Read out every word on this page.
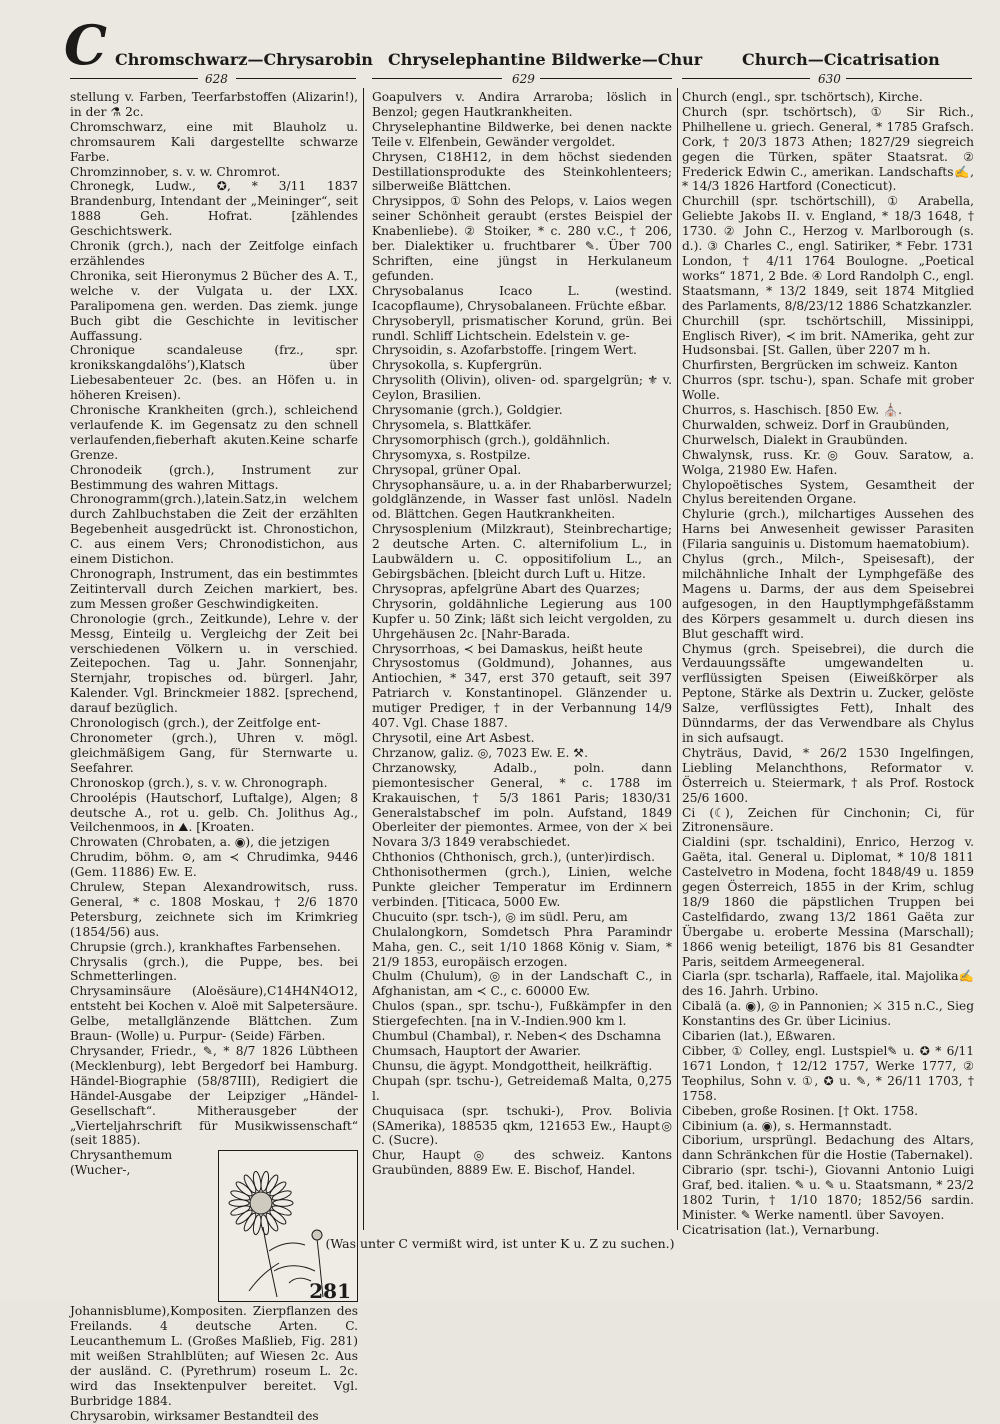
C Chromschwarz—Chrysarobin Chryselephantine Bildwerke—Chur Church—Cicatrisation
628	629	630

stellung v. Farben, Teerfarbstoffen (Alizarin!), in der ⚗ 2c.

Chromschwarz, eine mit Blauholz u. chromsaurem Kali dargestellte schwarze Farbe.

Chromzinnober, s. v. w. Chromrot.

Chronegk, Ludw., ✪, * 3/11 1837 Brandenburg, Intendant der „Meininger“, seit 1888 Geh. Hofrat. [zählendes Geschichtswerk.

Chronik (grch.), nach der Zeitfolge einfach erzählendes

Chronika, seit Hieronymus 2 Bücher des A. T., welche v. der Vulgata u. der LXX. Paralipomena gen. werden. Das ziemk. junge Buch gibt die Geschichte in levitischer Auffassung.

Chronique scandaleuse (frz., spr. kronikskangdalöhs’),Klatsch über Liebesabenteuer 2c. (bes. an Höfen u. in höheren Kreisen).

Chronische Krankheiten (grch.), schleichend verlaufende K. im Gegensatz zu den schnell verlaufenden,fieberhaft akuten.Keine scharfe Grenze.

Chronodeik (grch.), Instrument zur Bestimmung des wahren Mittags.

Chronogramm(grch.),latein.Satz,in welchem durch Zahlbuchstaben die Zeit der erzählten Begebenheit ausgedrückt ist. Chronostichon, C. aus einem Vers; Chronodistichon, aus einem Distichon.

Chronograph, Instrument, das ein bestimmtes Zeitintervall durch Zeichen markiert, bes. zum Messen großer Geschwindigkeiten.

Chronologie (grch., Zeitkunde), Lehre v. der Messg, Einteilg u. Vergleichg der Zeit bei verschiedenen Völkern u. in verschied. Zeitepochen. Tag u. Jahr. Sonnenjahr, Sternjahr, tropisches od. bürgerl. Jahr, Kalender. Vgl. Brinckmeier 1882. [sprechend, darauf bezüglich.

Chronologisch (grch.), der Zeitfolge ent-

Chronometer (grch.), Uhren v. mögl. gleichmäßigem Gang, für Sternwarte u. Seefahrer.

Chronoskop (grch.), s. v. w. Chronograph.

Chroolépis (Hautschorf, Luftalge), Algen; 8 deutsche A., rot u. gelb. Ch. Jolithus Ag., Veilchenmoos, in ⛰. [Kroaten.

Chrowaten (Chrobaten, a. ◉), die jetzigen

Chrudim, böhm. ⊙, am ≺ Chrudimka, 9446 (Gem. 11886) Ew. E.

Chrulew, Stepan Alexandrowitsch, russ. General, * c. 1808 Moskau, † 2/6 1870 Petersburg, zeichnete sich im Krimkrieg (1854/56) aus.

Chrupsie (grch.), krankhaftes Farbensehen.

Chrysalis (grch.), die Puppe, bes. bei Schmetterlingen.

Chrysaminsäure (Aloësäure),C14H4N4O12, entsteht bei Kochen v. Aloë mit Salpetersäure. Gelbe, metallglänzende Blättchen. Zum Braun- (Wolle) u. Purpur- (Seide) Färben.

Chrysander, Friedr., ✎, * 8/7 1826 Lübtheen (Mecklenburg), lebt Bergedorf bei Hamburg. Händel-Biographie (58/87III), Redigiert die Händel-Ausgabe der Leipziger „Händel-Gesellschaft“. Mitherausgeber der „Vierteljahrschrift für Musikwissenschaft“ (seit 1885).

281

Chrysanthemum (Wucher-, Johannisblume),Kompositen. Zierpflanzen des Freilands. 4 deutsche Arten. C. Leucanthemum L. (Großes Maßlieb, Fig. 281) mit weißen Strahlblüten; auf Wiesen 2c. Aus der ausländ. C. (Pyrethrum) roseum L. 2c. wird das Insektenpulver bereitet. Vgl. Burbridge 1884.

Chrysarobin, wirksamer Bestandteil des

Goapulvers v. Andira Arraroba; löslich in Benzol; gegen Hautkrankheiten.

Chryselephantine Bildwerke, bei denen nackte Teile v. Elfenbein, Gewänder vergoldet.

Chrysen, C18H12, in dem höchst siedenden Destillationsprodukte des Steinkohlenteers; silberweiße Blättchen.

Chrysippos, ① Sohn des Pelops, v. Laios wegen seiner Schönheit geraubt (erstes Beispiel der Knabenliebe). ② Stoiker, * c. 280 v.C., † 206, ber. Dialektiker u. fruchtbarer ✎. Über 700 Schriften, eine jüngst in Herkulaneum gefunden.

Chrysobalanus Icaco L. (westind. Icacopflaume), Chrysobalaneen. Früchte eßbar.

Chrysoberyll, prismatischer Korund, grün. Bei rundl. Schliff Lichtschein. Edelstein v. ge-

Chrysoidin, s. Azofarbstoffe. [ringem Wert.

Chrysokolla, s. Kupfergrün.

Chrysolith (Olivin), oliven- od. spargelgrün; ⚜ v. Ceylon, Brasilien.

Chrysomanie (grch.), Goldgier.

Chrysomela, s. Blattkäfer.

Chrysomorphisch (grch.), goldähnlich.

Chrysomyxa, s. Rostpilze.

Chrysopal, grüner Opal.

Chrysophansäure, u. a. in der Rhabarberwurzel; goldglänzende, in Wasser fast unlösl. Nadeln od. Blättchen. Gegen Hautkrankheiten.

Chrysosplenium (Milzkraut), Steinbrechartige; 2 deutsche Arten. C. alternifolium L., in Laubwäldern u. C. oppositifolium L., an Gebirgsbächen. [bleicht durch Luft u. Hitze.

Chrysopras, apfelgrüne Abart des Quarzes;

Chrysorin, goldähnliche Legierung aus 100 Kupfer u. 50 Zink; läßt sich leicht vergolden, zu Uhrgehäusen 2c. [Nahr-Barada.

Chrysorrhoas, ≺ bei Damaskus, heißt heute

Chrysostomus (Goldmund), Johannes, aus Antiochien, * 347, erst 370 getauft, seit 397 Patriarch v. Konstantinopel. Glänzender u. mutiger Prediger, † in der Verbannung 14/9 407. Vgl. Chase 1887.

Chrysotil, eine Art Asbest.

Chrzanow, galiz. ◎, 7023 Ew. E. ⚒.

Chrzanowsky, Adalb., poln. dann piemontesischer General, * c. 1788 im Krakauischen, † 5/3 1861 Paris; 1830/31 Generalstabschef im poln. Aufstand, 1849 Oberleiter der piemontes. Armee, von der ⚔ bei Novara 3/3 1849 verabschiedet.

Chthonios (Chthonisch, grch.), (unter)irdisch.

Chthonisothermen (grch.), Linien, welche Punkte gleicher Temperatur im Erdinnern verbinden. [Titicaca, 5000 Ew.

Chucuito (spr. tsch-), ◎ im südl. Peru, am

Chulalongkorn, Somdetsch Phra Paramindr Maha, gen. C., seit 1/10 1868 König v. Siam, * 21/9 1853, europäisch erzogen.

Chulm (Chulum), ◎ in der Landschaft C., in Afghanistan, am ≺ C., c. 60000 Ew.

Chulos (span., spr. tschu-), Fußkämpfer in den Stiergefechten. [na in V.-Indien.900 km l.

Chumbul (Chambal), r. Neben≺ des Dschamna

Chumsach, Hauptort der Awarier.

Chunsu, die ägypt. Mondgottheit, heilkräftig.

Chupah (spr. tschu-), Getreidemaß Malta, 0,275 l.

Chuquisaca (spr. tschuki-), Prov. Bolivia (SAmerika), 188535 qkm, 121653 Ew., Haupt◎ C. (Sucre).

Chur, Haupt◎ des schweiz. Kantons Graubünden, 8889 Ew. E. Bischof, Handel.

Church (engl., spr. tschörtsch), Kirche.

Church (spr. tschörtsch), ① Sir Rich., Philhellene u. griech. General, * 1785 Grafsch. Cork, † 20/3 1873 Athen; 1827/29 siegreich gegen die Türken, später Staatsrat. ② Frederick Edwin C., amerikan. Landschafts✍, * 14/3 1826 Hartford (Conecticut).

Churchill (spr. tschörtschill), ① Arabella, Geliebte Jakobs II. v. England, * 18/3 1648, † 1730. ② John C., Herzog v. Marlborough (s. d.). ③ Charles C., engl. Satiriker, * Febr. 1731 London, † 4/11 1764 Boulogne. „Poetical works“ 1871, 2 Bde. ④ Lord Randolph C., engl. Staatsmann, * 13/2 1849, seit 1874 Mitglied des Parlaments, 8/8/23/12 1886 Schatzkanzler.

Churchill (spr. tschörtschill, Missinippi, Englisch River), ≺ im brit. NAmerika, geht zur Hudsonsbai. [St. Gallen, über 2207 m h.

Churfirsten, Bergrücken im schweiz. Kanton

Churros (spr. tschu-), span. Schafe mit grober Wolle.

Churros, s. Haschisch. [850 Ew. ⛪.

Churwalden, schweiz. Dorf in Graubünden,

Churwelsch, Dialekt in Graubünden.

Chwalynsk, russ. Kr.◎ Gouv. Saratow, a. Wolga, 21980 Ew. Hafen.

Chylopoëtisches System, Gesamtheit der Chylus bereitenden Organe.

Chylurie (grch.), milchartiges Aussehen des Harns bei Anwesenheit gewisser Parasiten (Filaria sanguinis u. Distomum haematobium).

Chylus (grch., Milch-, Speisesaft), der milchähnliche Inhalt der Lymphgefäße des Magens u. Darms, der aus dem Speisebrei aufgesogen, in den Hauptlymphgefäßstamm des Körpers gesammelt u. durch diesen ins Blut geschafft wird.

Chymus (grch. Speisebrei), die durch die Verdauungssäfte umgewandelten u. verflüssigten Speisen (Eiweißkörper als Peptone, Stärke als Dextrin u. Zucker, gelöste Salze, verflüssigtes Fett), Inhalt des Dünndarms, der das Verwendbare als Chylus in sich aufsaugt.

Chyträus, David, * 26/2 1530 Ingelfingen, Liebling Melanchthons, Reformator v. Österreich u. Steiermark, † als Prof. Rostock 25/6 1600.

Ci (☾), Zeichen für Cinchonin; Ci, für Zitronensäure.

Cialdini (spr. tschaldini), Enrico, Herzog v. Gaëta, ital. General u. Diplomat, * 10/8 1811 Castelvetro in Modena, focht 1848/49 u. 1859 gegen Österreich, 1855 in der Krim, schlug 18/9 1860 die päpstlichen Truppen bei Castelfidardo, zwang 13/2 1861 Gaëta zur Übergabe u. eroberte Messina (Marschall); 1866 wenig beteiligt, 1876 bis 81 Gesandter Paris, seitdem Armeegeneral.

Ciarla (spr. tscharla), Raffaele, ital. Majolika✍ des 16. Jahrh. Urbino.

Cibalä (a. ◉), ◎ in Pannonien; ⚔ 315 n.C., Sieg Konstantins des Gr. über Licinius.

Cibarien (lat.), Eßwaren.

Cibber, ① Colley, engl. Lustspiel✎ u. ✪ * 6/11 1671 London, † 12/12 1757, Werke 1777, ② Teophilus, Sohn v. ①, ✪ u. ✎, * 26/11 1703, † 1758.

Cibeben, große Rosinen. [† Okt. 1758.

Cibinium (a. ◉), s. Hermannstadt.

Ciborium, ursprüngl. Bedachung des Altars, dann Schränkchen für die Hostie (Tabernakel).

Cibrario (spr. tschi-), Giovanni Antonio Luigi Graf, bed. italien. ✎ u. ✎ u. Staatsmann, * 23/2 1802 Turin, † 1/10 1870; 1852/56 sardin. Minister. ✎ Werke namentl. über Savoyen.

Cicatrisation (lat.), Vernarbung.

(Was unter C vermißt wird, ist unter K u. Z zu suchen.)
